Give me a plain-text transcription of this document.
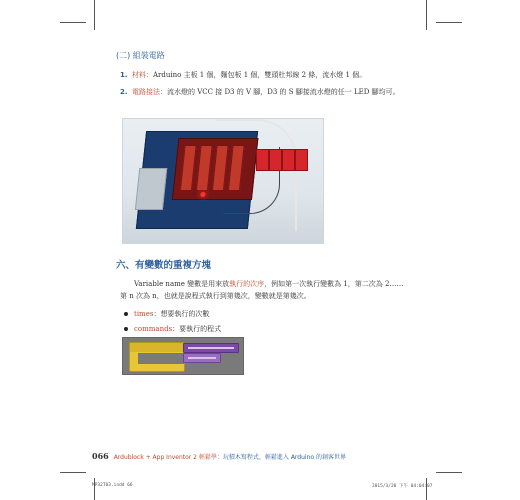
(二) 組裝電路
1. 材料：Arduino 主板 1 個，麵包板 1 個，雙頭杜邦線 2 條，流水燈 1 個。
2. 電路接法：流水燈的 VCC 接 D3 的 V 腳，D3 的 S 腳接流水燈的任一 LED 腳均可。
六、有變數的重複方塊
Variable name 變數是用來放執行的次序，例如第一次執行變數為 1，第二次為 2……第 n 次為 n，也就是說程式執行到第幾次，變數就是第幾次。
times：想要執行的次數
commands：要執行的程式
066 Ardublock + App Inventor 2 輕鬆學：玩積木寫程式，輕鬆進入 Arduino 的創客世界
MP32T03.indd 66	2015/3/20 下午 04:04:07
